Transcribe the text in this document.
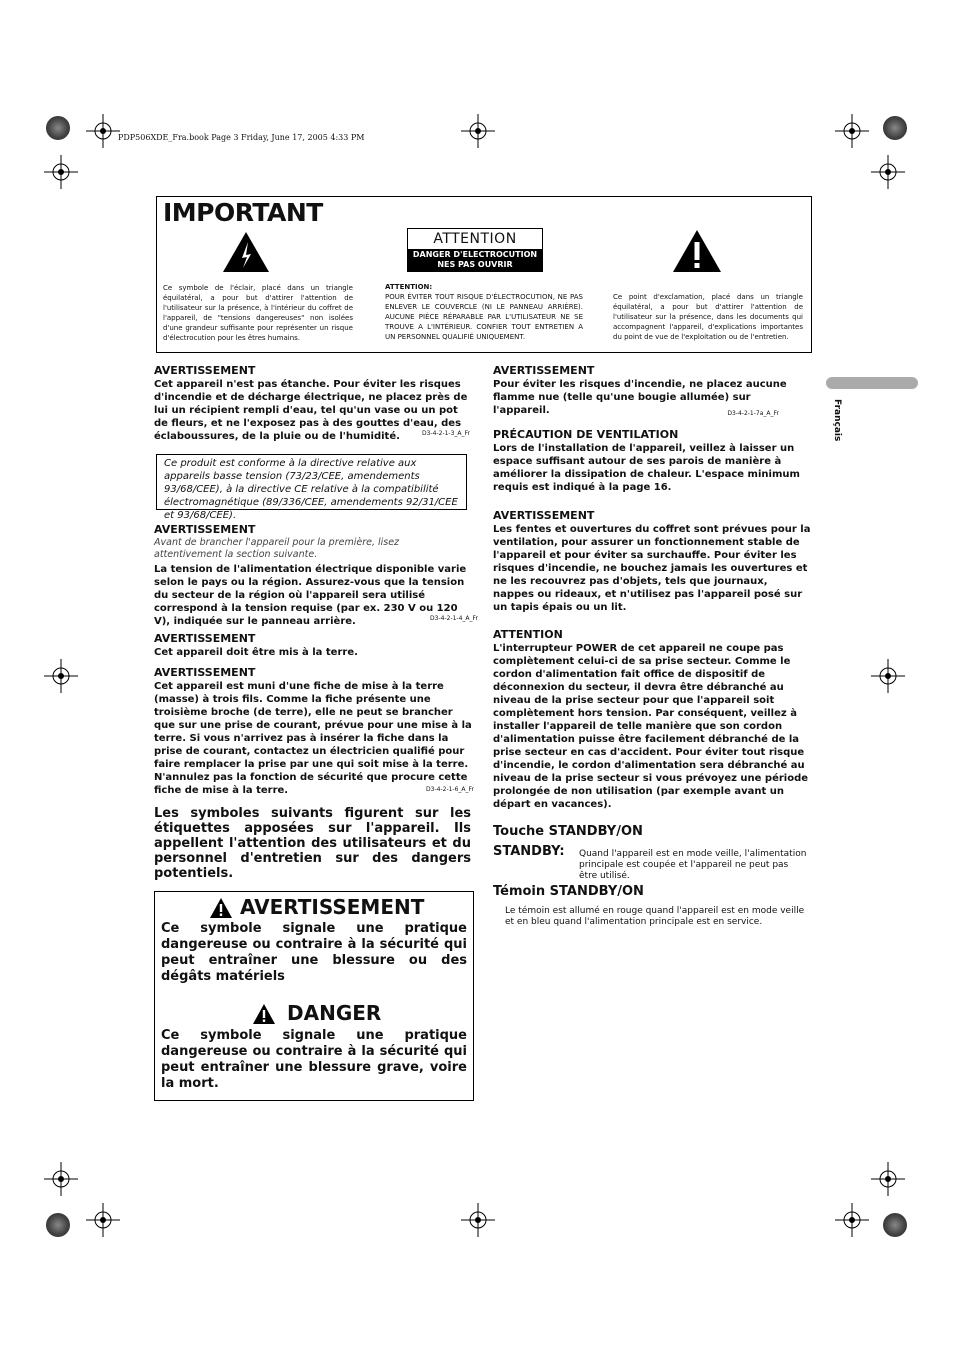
PDP506XDE_Fra.book Page 3 Friday, June 17, 2005 4:33 PM
IMPORTANT
Ce symbole de l'éclair, placé dans un triangle équilatéral, a pour but d'attirer l'attention de l'utilisateur sur la présence, à l'intérieur du coffret de l'appareil, de "tensions dangereuses" non isolées d'une grandeur suffisante pour représenter un risque d'électrocution pour les êtres humains.
ATTENTION
DANGER D'ELECTROCUTION
NES PAS OUVRIR
ATTENTION:
POUR ÉVITER TOUT RISQUE D'ÉLECTROCUTION, NE PAS ENLEVER LE COUVERCLE (NI LE PANNEAU ARRIÈRE). AUCUNE PIÈCE RÉPARABLE PAR L'UTILISATEUR NE SE TROUVE A L'INTÉRIEUR. CONFIER TOUT ENTRETIEN A UN PERSONNEL QUALIFIÉ UNIQUEMENT.
Ce point d'exclamation, placé dans un triangle équilatéral, a pour but d'attirer l'attention de l'utilisateur sur la présence, dans les documents qui accompagnent l'appareil, d'explications importantes du point de vue de l'exploitation ou de l'entretien.
Français
AVERTISSEMENT
Cet appareil n'est pas étanche. Pour éviter les risques d'incendie et de décharge électrique, ne placez près de lui un récipient rempli d'eau, tel qu'un vase ou un pot de fleurs, et ne l'exposez pas à des gouttes d'eau, des éclaboussures, de la pluie ou de l'humidité.	D3-4-2-1-3_A_Fr
Ce produit est conforme à la directive relative aux appareils basse tension (73/23/CEE, amendements 93/68/CEE), à la directive CE relative à la compatibilité électromagnétique (89/336/CEE, amendements 92/31/CEE et 93/68/CEE).
AVERTISSEMENT
Avant de brancher l'appareil pour la première, lisez attentivement la section suivante.
La tension de l'alimentation électrique disponible varie selon le pays ou la région. Assurez-vous que la tension du secteur de la région où l'appareil sera utilisé correspond à la tension requise (par ex. 230 V ou 120 V), indiquée sur le panneau arrière.	D3-4-2-1-4_A_Fr
AVERTISSEMENT
Cet appareil doit être mis à la terre.
AVERTISSEMENT
Cet appareil est muni d'une fiche de mise à la terre (masse) à trois fils. Comme la fiche présente une troisième broche (de terre), elle ne peut se brancher que sur une prise de courant, prévue pour une mise à la terre. Si vous n'arrivez pas à insérer la fiche dans la prise de courant, contactez un électricien qualifié pour faire remplacer la prise par une qui soit mise à la terre. N'annulez pas la fonction de sécurité que procure cette fiche de mise à la terre.	D3-4-2-1-6_A_Fr
Les symboles suivants figurent sur les étiquettes apposées sur l'appareil. Ils appellent l'attention des utilisateurs et du personnel d'entretien sur des dangers potentiels.
AVERTISSEMENT
Ce symbole signale une pratique dangereuse ou contraire à la sécurité qui peut entraîner une blessure ou des dégâts matériels
DANGER
Ce symbole signale une pratique dangereuse ou contraire à la sécurité qui peut entraîner une blessure grave, voire la mort.
AVERTISSEMENT
Pour éviter les risques d'incendie, ne placez aucune flamme nue (telle qu'une bougie allumée) sur l'appareil.	D3-4-2-1-7a_A_Fr
PRÉCAUTION DE VENTILATION
Lors de l'installation de l'appareil, veillez à laisser un espace suffisant autour de ses parois de manière à améliorer la dissipation de chaleur. L'espace minimum requis est indiqué à la page 16.
AVERTISSEMENT
Les fentes et ouvertures du coffret sont prévues pour la ventilation, pour assurer un fonctionnement stable de l'appareil et pour éviter sa surchauffe. Pour éviter les risques d'incendie, ne bouchez jamais les ouvertures et ne les recouvrez pas d'objets, tels que journaux, nappes ou rideaux, et n'utilisez pas l'appareil posé sur un tapis épais ou un lit.
ATTENTION
L'interrupteur POWER de cet appareil ne coupe pas complètement celui-ci de sa prise secteur. Comme le cordon d'alimentation fait office de dispositif de déconnexion du secteur, il devra être débranché au niveau de la prise secteur pour que l'appareil soit complètement hors tension. Par conséquent, veillez à installer l'appareil de telle manière que son cordon d'alimentation puisse être facilement débranché de la prise secteur en cas d'accident. Pour éviter tout risque d'incendie, le cordon d'alimentation sera débranché au niveau de la prise secteur si vous prévoyez une période prolongée de non utilisation (par exemple avant un départ en vacances).
Touche STANDBY/ON
STANDBY: Quand l'appareil est en mode veille, l'alimentation principale est coupée et l'appareil ne peut pas être utilisé.
Témoin STANDBY/ON
Le témoin est allumé en rouge quand l'appareil est en mode veille et en bleu quand l'alimentation principale est en service.
